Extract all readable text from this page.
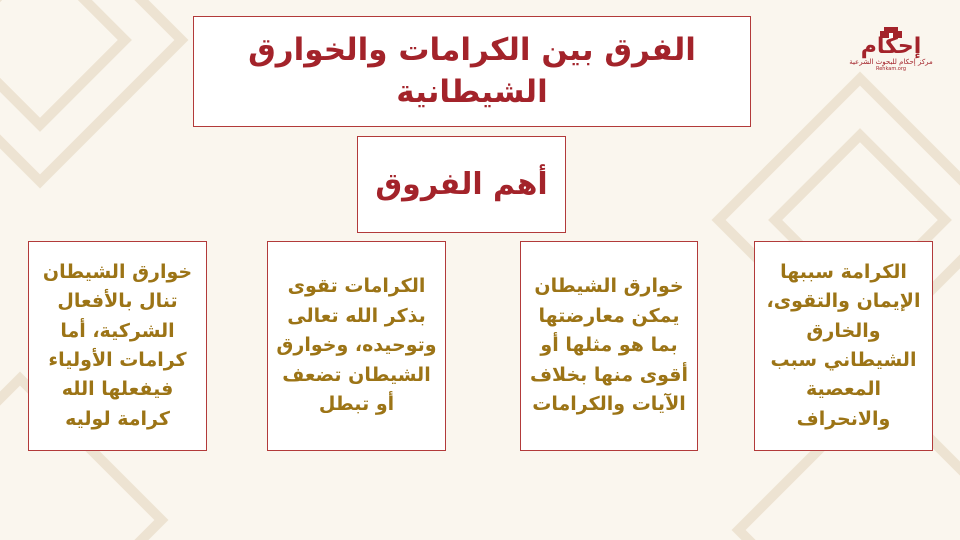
الفرق بين الكرامات والخوارق الشيطانية
أهم الفروق
الكرامة سببها الإيمان والتقوى، والخارق الشيطاني سبب المعصية والانحراف
خوارق الشيطان يمكن معارضتها بما هو مثلها أو أقوى منها بخلاف الآيات والكرامات
الكرامات تقوى بذكر الله تعالى وتوحيده، وخوارق الشيطان تضعف أو تبطل
خوارق الشيطان تنال بالأفعال الشركية، أما كرامات الأولياء فيفعلها الله كرامة لوليه
إحكام
مركز إحكام للبحوث الشرعية
Rehkam.org
